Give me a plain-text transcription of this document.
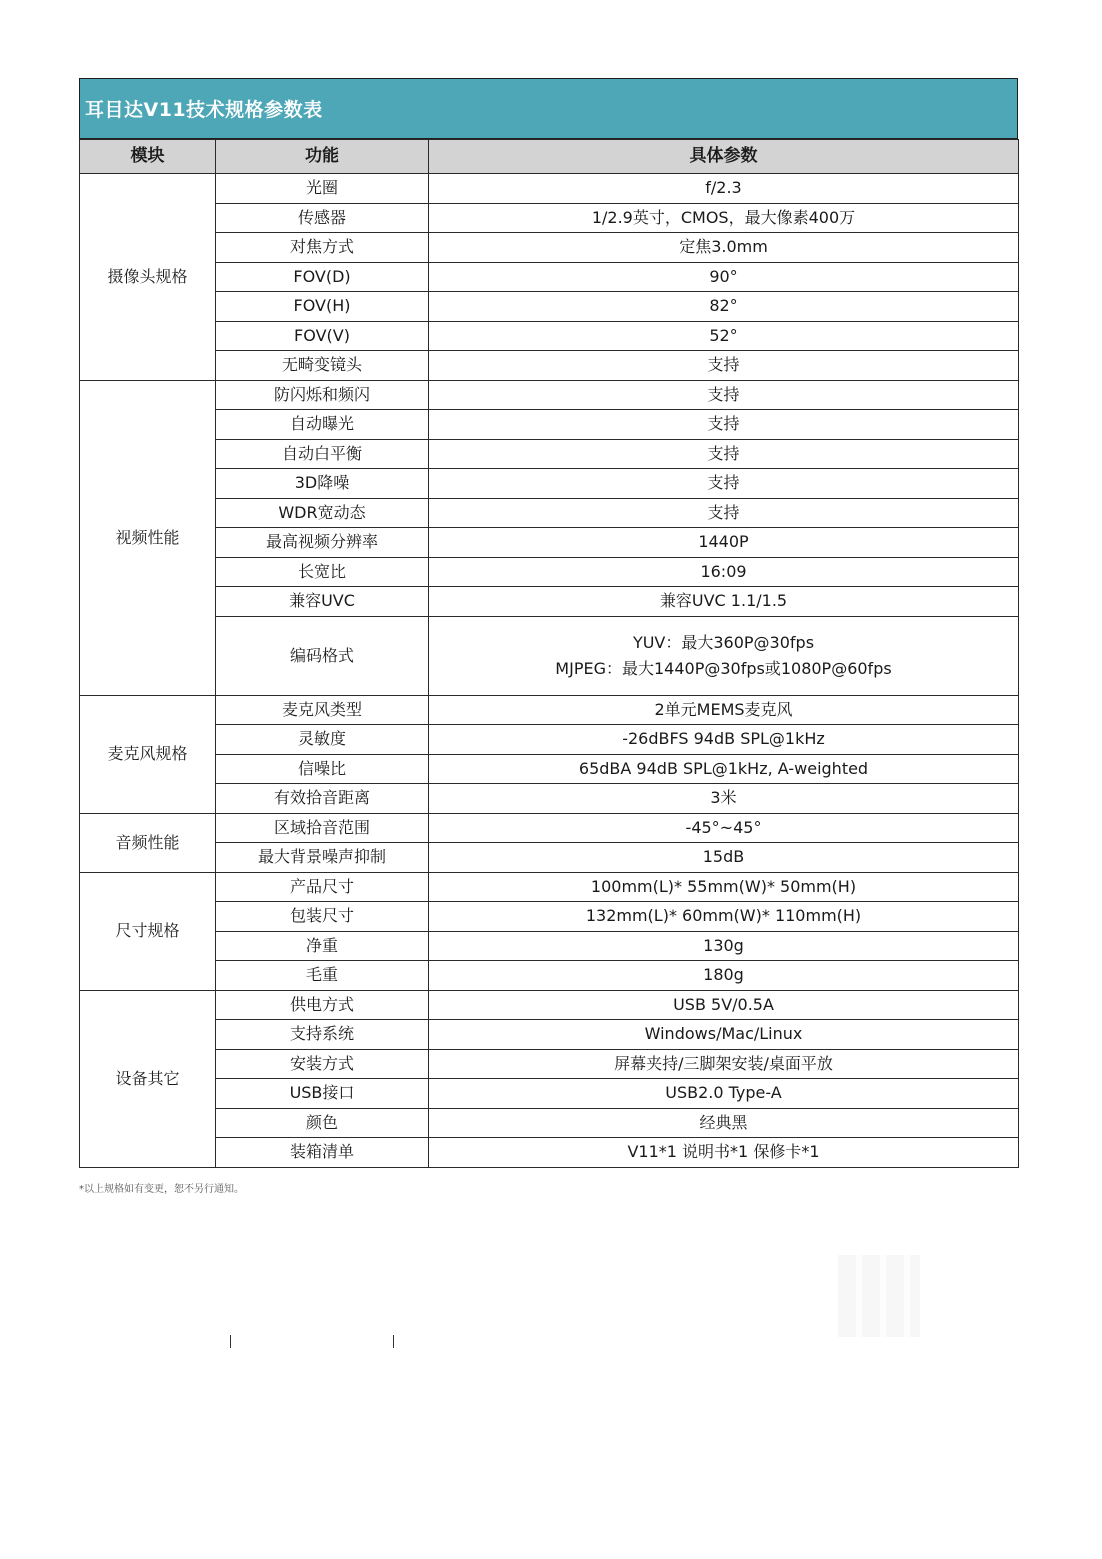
耳目达V11技术规格参数表
模块	功能	具体参数
摄像头规格	光圈	f/2.3
	传感器	1/2.9英寸，CMOS，最大像素400万
	对焦方式	定焦3.0mm
	FOV(D)	90°
	FOV(H)	82°
	FOV(V)	52°
	无畸变镜头	支持
视频性能	防闪烁和频闪	支持
	自动曝光	支持
	自动白平衡	支持
	3D降噪	支持
	WDR宽动态	支持
	最高视频分辨率	1440P
	长宽比	16:09
	兼容UVC	兼容UVC 1.1/1.5
	编码格式	YUV：最大360P@30fps
MJPEG：最大1440P@30fps或1080P@60fps

麦克风规格	麦克风类型	2单元MEMS麦克风
	灵敏度	-26dBFS 94dB SPL@1kHz
	信噪比	65dBA 94dB SPL@1kHz, A-weighted
	有效拾音距离	3米
音频性能	区域拾音范围	-45°~45°
	最大背景噪声抑制	15dB
尺寸规格	产品尺寸	100mm(L)* 55mm(W)* 50mm(H)
	包装尺寸	132mm(L)* 60mm(W)* 110mm(H)
	净重	130g
	毛重	180g
设备其它	供电方式	USB 5V/0.5A
	支持系统	Windows/Mac/Linux
	安装方式	屏幕夹持/三脚架安装/桌面平放
	USB接口	USB2.0 Type-A
	颜色	经典黑
	装箱清单	V11*1 说明书*1 保修卡*1
*以上规格如有变更，恕不另行通知。
